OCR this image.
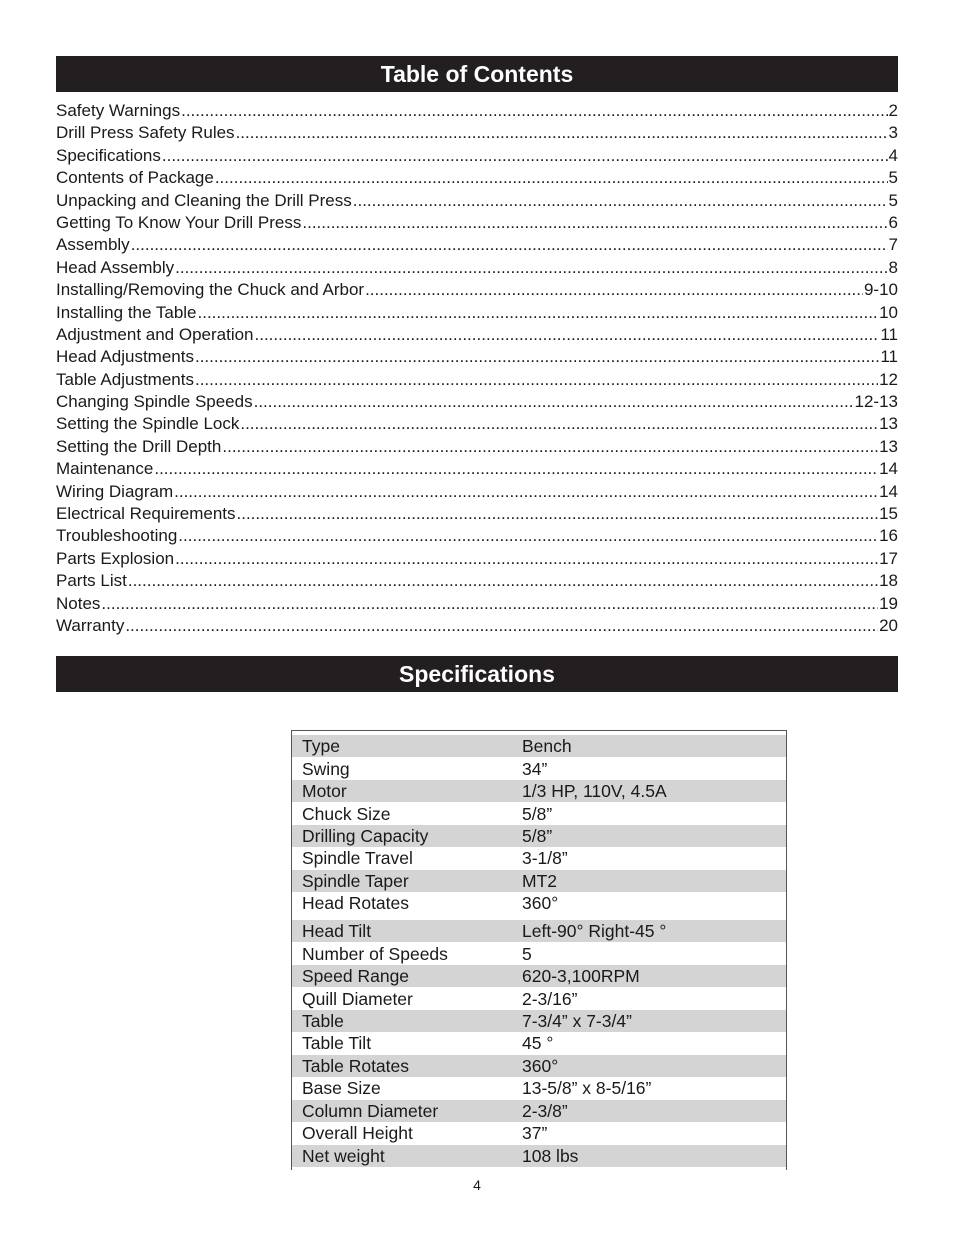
Table of Contents
Safety Warnings .....	2
Drill Press Safety Rules .....	3
Specifications .....	4
Contents of Package .....	5
Unpacking and Cleaning the Drill Press .....	5
Getting To Know Your Drill Press .....	6
Assembly .....	7
Head Assembly .....	8
Installing/Removing the Chuck and Arbor .....	9-10
Installing the Table .....	10
Adjustment and Operation .....	11
Head Adjustments .....	11
Table Adjustments .....	12
Changing Spindle Speeds .....	12-13
Setting the Spindle Lock .....	13
Setting the Drill Depth .....	13
Maintenance .....	14
Wiring Diagram .....	14
Electrical Requirements .....	15
Troubleshooting .....	16
Parts Explosion .....	17
Parts List .....	18
Notes .....	19
Warranty .....	20
Specifications
Type	Bench
Swing	34”
Motor	1/3 HP, 110V, 4.5A
Chuck Size	5/8”
Drilling Capacity	5/8”
Spindle Travel	3-1/8”
Spindle Taper	MT2
Head Rotates	360°
Head Tilt	Left-90° Right-45 °
Number of Speeds	5
Speed Range	620-3,100RPM
Quill Diameter	2-3/16”
Table	7-3/4” x 7-3/4”
Table Tilt	45 °
Table Rotates	360°
Base Size	13-5/8” x 8-5/16”
Column Diameter	2-3/8”
Overall Height	37”
Net weight	108 lbs
4
